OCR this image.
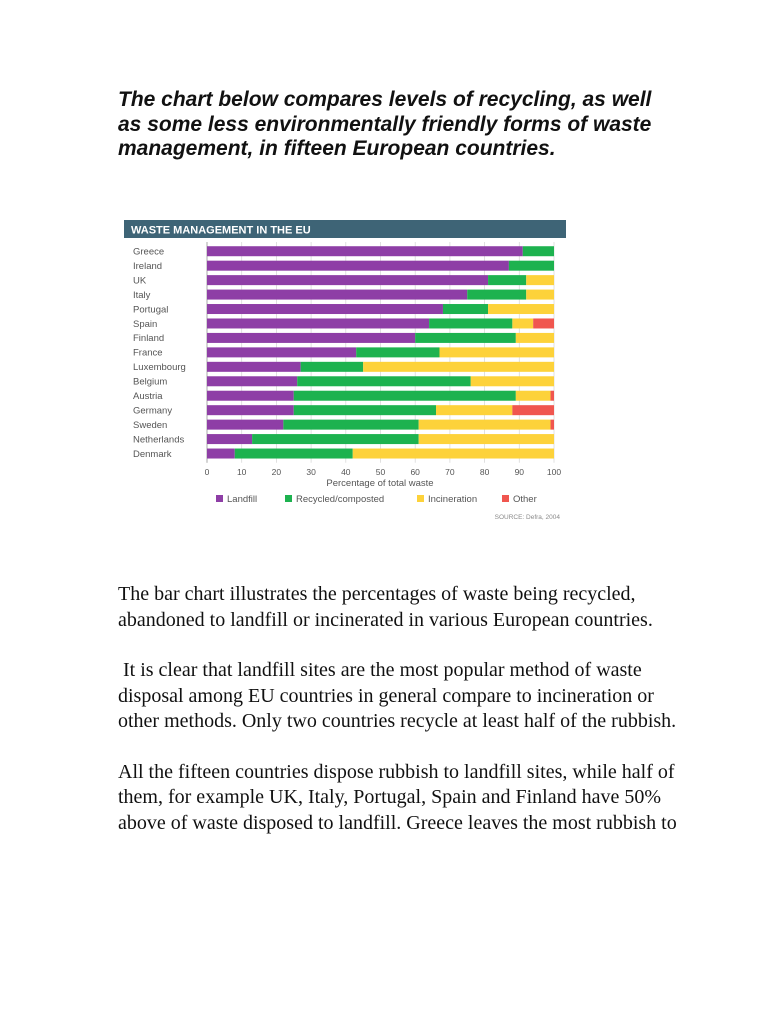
The chart below compares levels of recycling, as well as some less environmentally friendly forms of waste management, in fifteen European countries.

WASTE MANAGEMENT IN THE EU
Greece
Ireland
UK
Italy
Portugal
Spain
Finland
France
Luxembourg
Belgium
Austria
Germany
Sweden
Netherlands
Denmark
0	10	20	30	40	50	60	70	80	90	100
Percentage of total waste
Landfill	Recycled/composted	Incineration	Other
SOURCE: Defra, 2004

The bar chart illustrates the percentages of waste being recycled, abandoned to landfill or incinerated in various European countries.

It is clear that landfill sites are the most popular method of waste disposal among EU countries in general compare to incineration or other methods. Only two countries recycle at least half of the rubbish.

All the fifteen countries dispose rubbish to landfill sites, while half of them, for example UK, Italy, Portugal, Spain and Finland have 50% above of waste disposed to landfill. Greece leaves the most rubbish to
